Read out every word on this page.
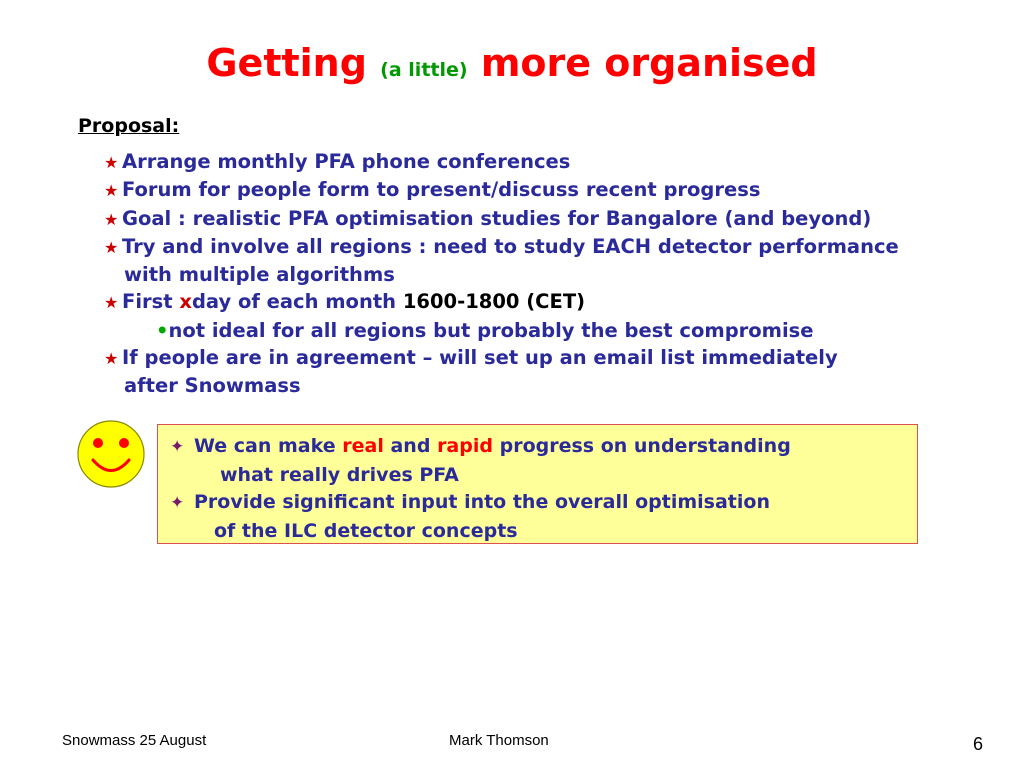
Getting (a little) more organised
Proposal:
★ Arrange monthly PFA phone conferences
★ Forum for people form to present/discuss recent progress
★ Goal : realistic PFA optimisation studies for Bangalore (and beyond)
★ Try and involve all regions : need to study EACH detector performance
with multiple algorithms
★ First xday of each month 1600-1800 (CET)
•not ideal for all regions but probably the best compromise
★ If people are in agreement – will set up an email list immediately
after Snowmass
✦ We can make real and rapid progress on understanding
what really drives PFA
✦ Provide significant input into the overall optimisation
of the ILC detector concepts
Snowmass 25 August	Mark Thomson	6
